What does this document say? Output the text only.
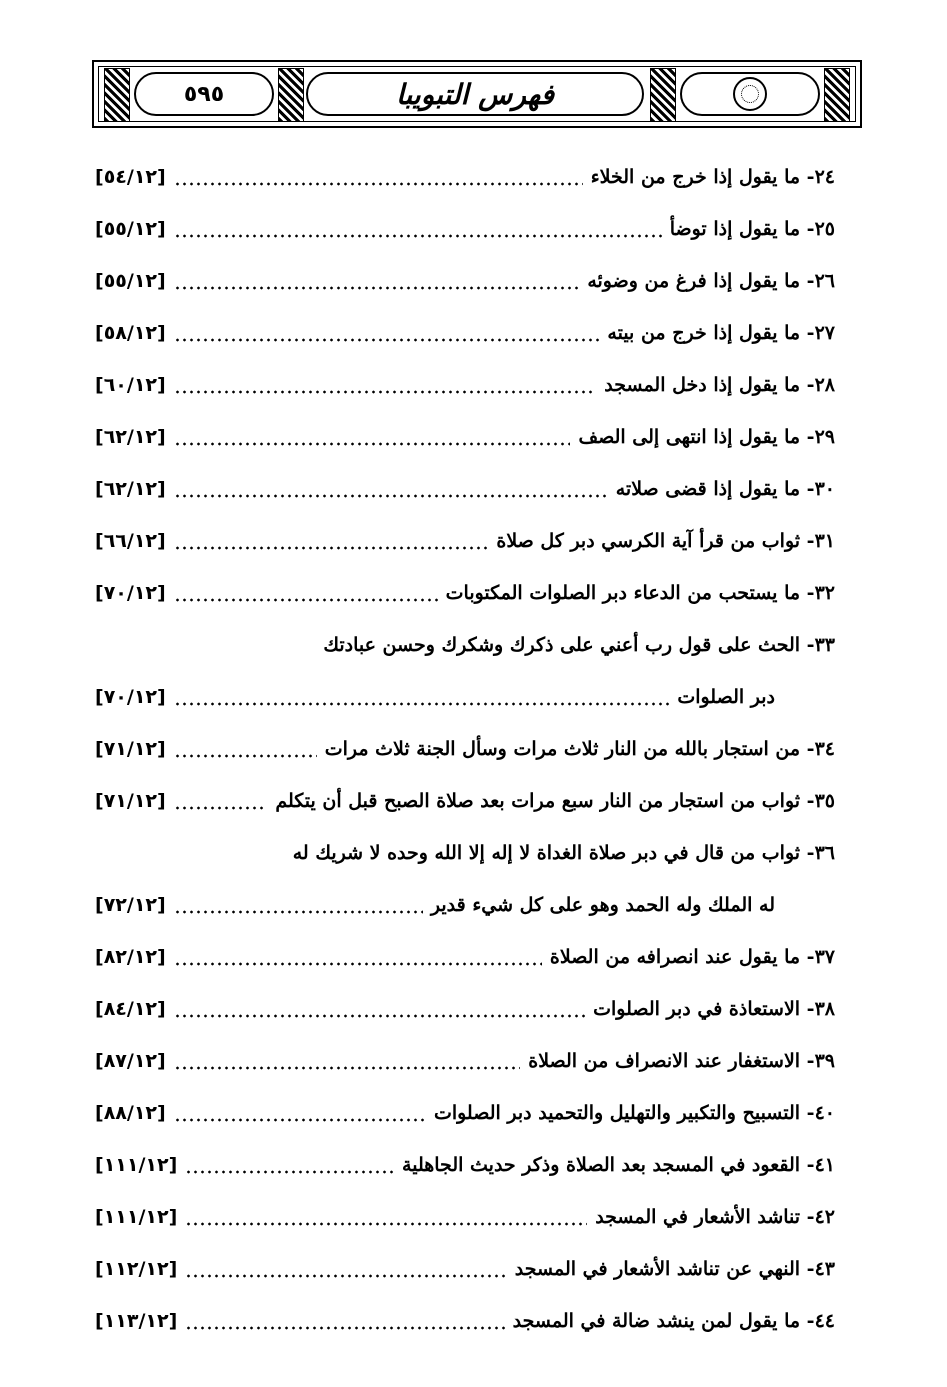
٥٩٥	فهرس التبويبا
٢٤- ما يقول إذا خرج من الخلاء
[٥٤/١٢]
٢٥- ما يقول إذا توضأ
[٥٥/١٢]
٢٦- ما يقول إذا فرغ من وضوئه
[٥٥/١٢]
٢٧- ما يقول إذا خرج من بيته
[٥٨/١٢]
٢٨- ما يقول إذا دخل المسجد
[٦٠/١٢]
٢٩- ما يقول إذا انتهى إلى الصف
[٦٢/١٢]
٣٠- ما يقول إذا قضى صلاته
[٦٢/١٢]
٣١- ثواب من قرأ آية الكرسي دبر كل صلاة
[٦٦/١٢]
٣٢- ما يستحب من الدعاء دبر الصلوات المكتوبات
[٧٠/١٢]
٣٣- الحث على قول رب أعني على ذكرك وشكرك وحسن عبادتك
دبر الصلوات
[٧٠/١٢]
٣٤- من استجار بالله من النار ثلاث مرات وسأل الجنة ثلاث مرات
[٧١/١٢]
٣٥- ثواب من استجار من النار سبع مرات بعد صلاة الصبح قبل أن يتكلم
[٧١/١٢]
٣٦- ثواب من قال في دبر صلاة الغداة لا إله إلا الله وحده لا شريك له
له الملك وله الحمد وهو على كل شيء قدير
[٧٢/١٢]
٣٧- ما يقول عند انصرافه من الصلاة
[٨٢/١٢]
٣٨- الاستعاذة في دبر الصلوات
[٨٤/١٢]
٣٩- الاستغفار عند الانصراف من الصلاة
[٨٧/١٢]
٤٠- التسبيح والتكبير والتهليل والتحميد دبر الصلوات
[٨٨/١٢]
٤١- القعود في المسجد بعد الصلاة وذكر حديث الجاهلية
[١١١/١٢]
٤٢- تناشد الأشعار في المسجد
[١١١/١٢]
٤٣- النهي عن تناشد الأشعار في المسجد
[١١٢/١٢]
٤٤- ما يقول لمن ينشد ضالة في المسجد
[١١٣/١٢]
